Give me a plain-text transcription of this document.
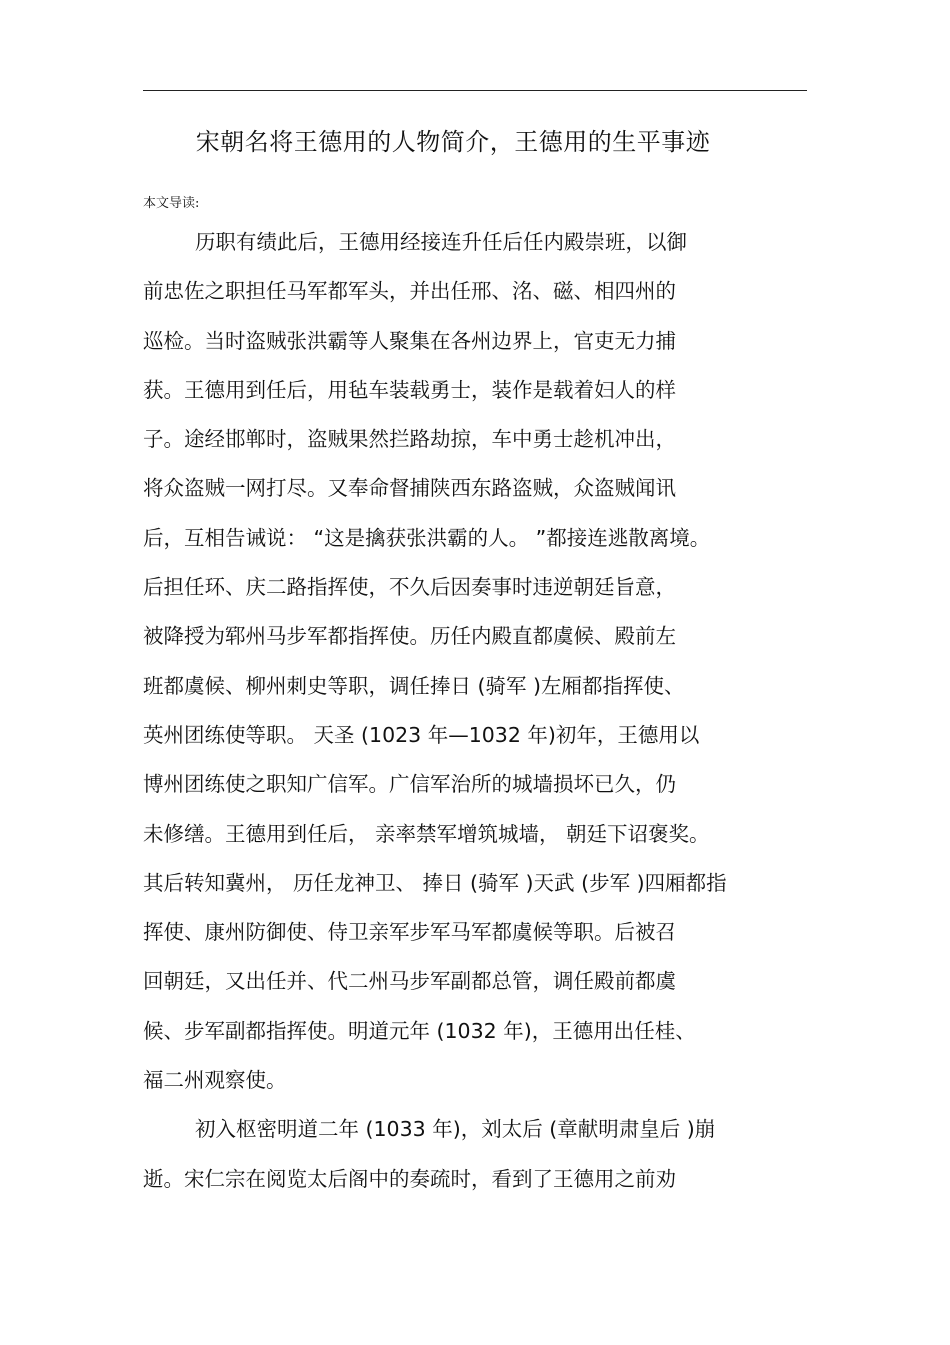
宋朝名将王德用的人物简介，王德用的生平事迹
本文导读:
历职有绩此后，王德用经接连升任后任内殿崇班，以御
前忠佐之职担任马军都军头，并出任邢、洺、磁、相四州的
巡检。当时盗贼张洪霸等人聚集在各州边界上，官吏无力捕
获。王德用到任后，用毡车装载勇士，装作是载着妇人的样
子。途经邯郸时，盗贼果然拦路劫掠，车中勇士趁机冲出，
将众盗贼一网打尽。又奉命督捕陕西东路盗贼，众盗贼闻讯
后，互相告诫说： “这是擒获张洪霸的人。 ”都接连逃散离境。
后担任环、庆二路指挥使，不久后因奏事时违逆朝廷旨意，
被降授为郓州马步军都指挥使。历任内殿直都虞候、殿前左
班都虞候、柳州刺史等职，调任捧日 (骑军 )左厢都指挥使、
英州团练使等职。 天圣 (1023 年—1032 年)初年，王德用以
博州团练使之职知广信军。广信军治所的城墙损坏已久，仍
未修缮。王德用到任后， 亲率禁军增筑城墙， 朝廷下诏褒奖。
其后转知冀州， 历任龙神卫、 捧日 (骑军 )天武 (步军 )四厢都指
挥使、康州防御使、侍卫亲军步军马军都虞候等职。后被召
回朝廷，又出任并、代二州马步军副都总管，调任殿前都虞
候、步军副都指挥使。明道元年 (1032 年)，王德用出任桂、
福二州观察使。
初入枢密明道二年 (1033 年)，刘太后 (章献明肃皇后 )崩
逝。宋仁宗在阅览太后阁中的奏疏时，看到了王德用之前劝
